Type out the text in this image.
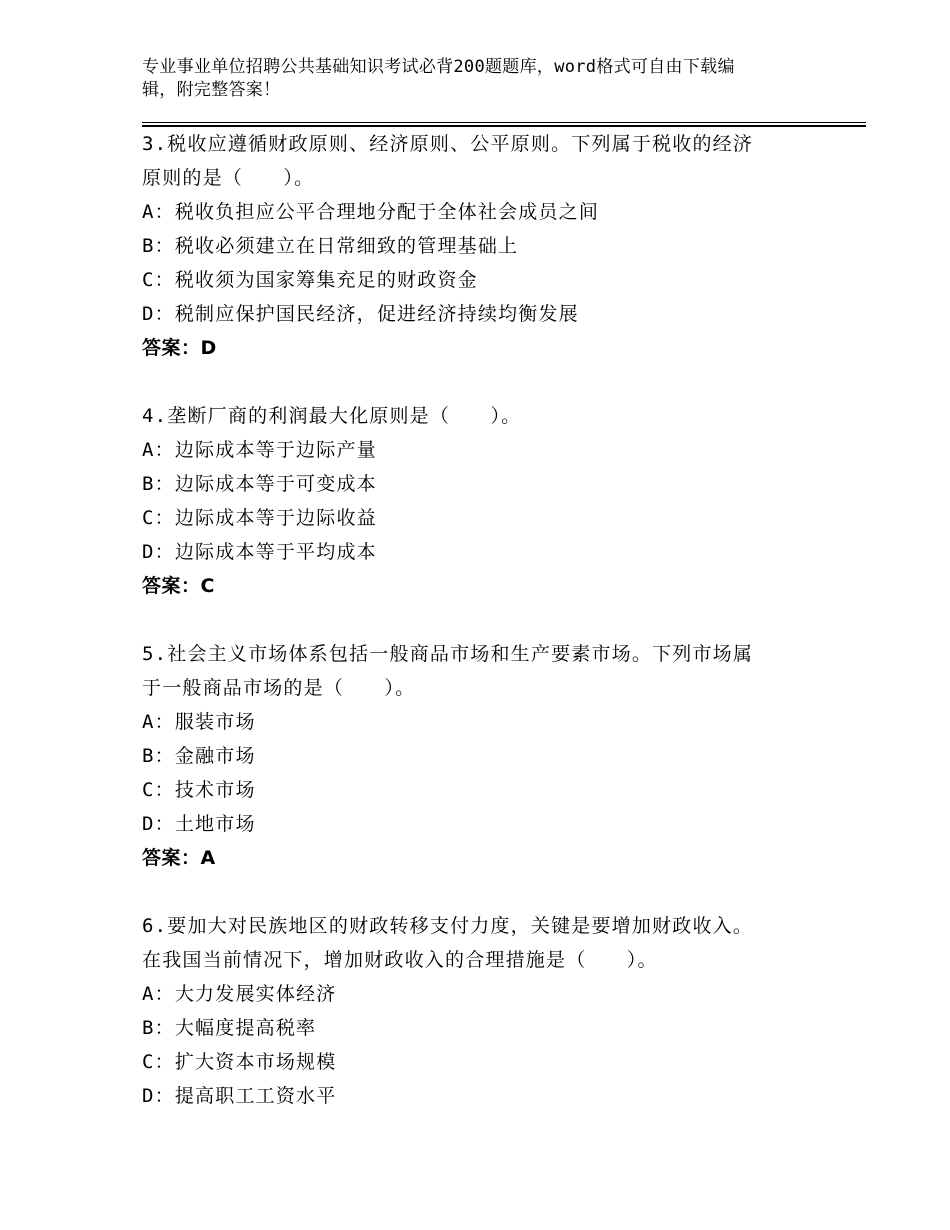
专业事业单位招聘公共基础知识考试必背200题题库，word格式可自由下载编
辑，附完整答案！

3.税收应遵循财政原则、经济原则、公平原则。下列属于税收的经济

原则的是（　　）。

A：税收负担应公平合理地分配于全体社会成员之间

B：税收必须建立在日常细致的管理基础上

C：税收须为国家筹集充足的财政资金

D：税制应保护国民经济，促进经济持续均衡发展

答案：D

4.垄断厂商的利润最大化原则是（　　）。

A：边际成本等于边际产量

B：边际成本等于可变成本

C：边际成本等于边际收益

D：边际成本等于平均成本

答案：C

5.社会主义市场体系包括一般商品市场和生产要素市场。下列市场属

于一般商品市场的是（　　）。

A：服装市场

B：金融市场

C：技术市场

D：土地市场

答案：A

6.要加大对民族地区的财政转移支付力度，关键是要增加财政收入。

在我国当前情况下，增加财政收入的合理措施是（　　）。

A：大力发展实体经济

B：大幅度提高税率

C：扩大资本市场规模

D：提高职工工资水平
